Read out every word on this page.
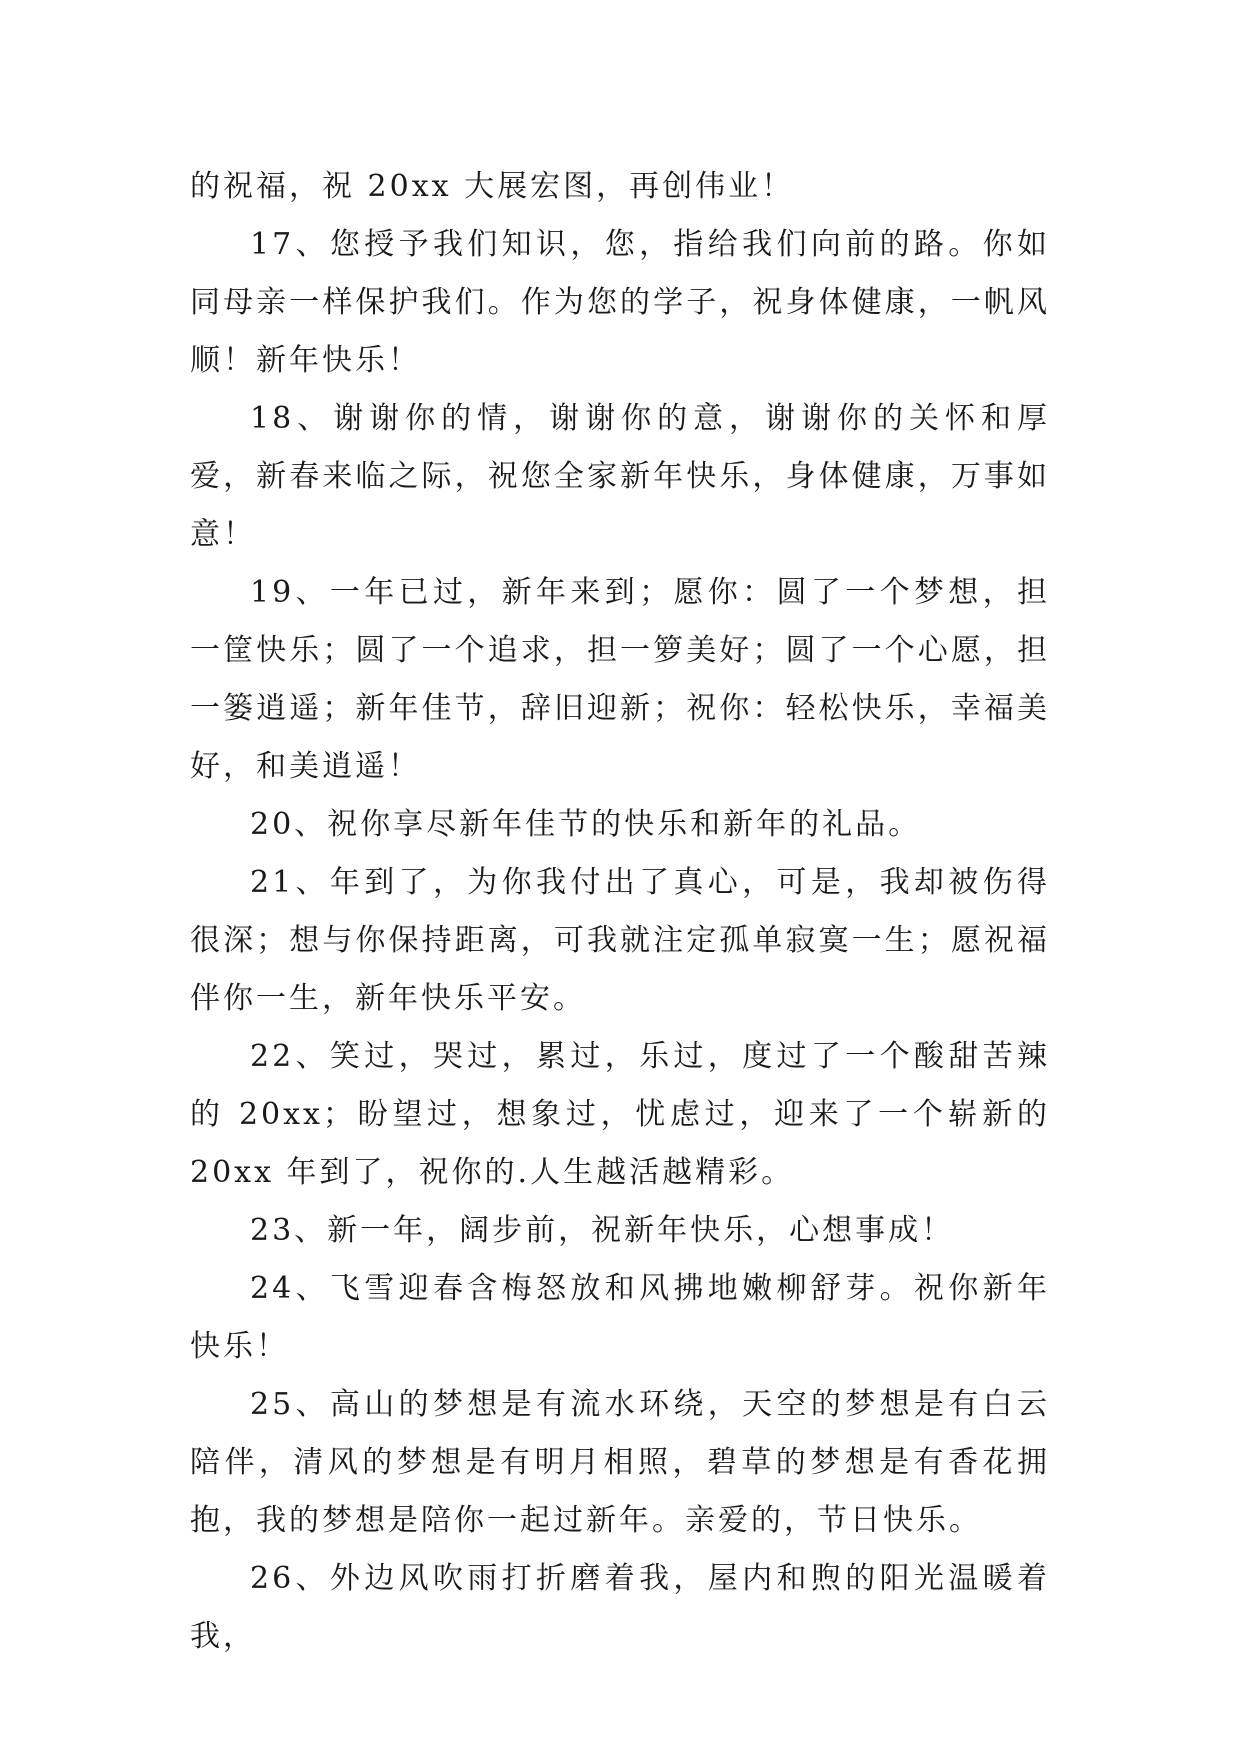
的祝福，祝 20xx 大展宏图，再创伟业！

17、您授予我们知识，您，指给我们向前的路。你如同母亲一样保护我们。作为您的学子，祝身体健康，一帆风顺！新年快乐！

18、谢谢你的情，谢谢你的意，谢谢你的关怀和厚爱，新春来临之际，祝您全家新年快乐，身体健康，万事如意！

19、一年已过，新年来到；愿你：圆了一个梦想，担一筐快乐；圆了一个追求，担一箩美好；圆了一个心愿，担一篓逍遥；新年佳节，辞旧迎新；祝你：轻松快乐，幸福美好，和美逍遥！

20、祝你享尽新年佳节的快乐和新年的礼品。

21、年到了，为你我付出了真心，可是，我却被伤得很深；想与你保持距离，可我就注定孤单寂寞一生；愿祝福伴你一生，新年快乐平安。

22、笑过，哭过，累过，乐过，度过了一个酸甜苦辣的 20xx；盼望过，想象过，忧虑过，迎来了一个崭新的 20xx 年到了，祝你的.人生越活越精彩。

23、新一年，阔步前，祝新年快乐，心想事成！

24、飞雪迎春含梅怒放和风拂地嫩柳舒芽。祝你新年快乐！

25、高山的梦想是有流水环绕，天空的梦想是有白云陪伴，清风的梦想是有明月相照，碧草的梦想是有香花拥抱，我的梦想是陪你一起过新年。亲爱的，节日快乐。

26、外边风吹雨打折磨着我，屋内和煦的阳光温暖着我，
